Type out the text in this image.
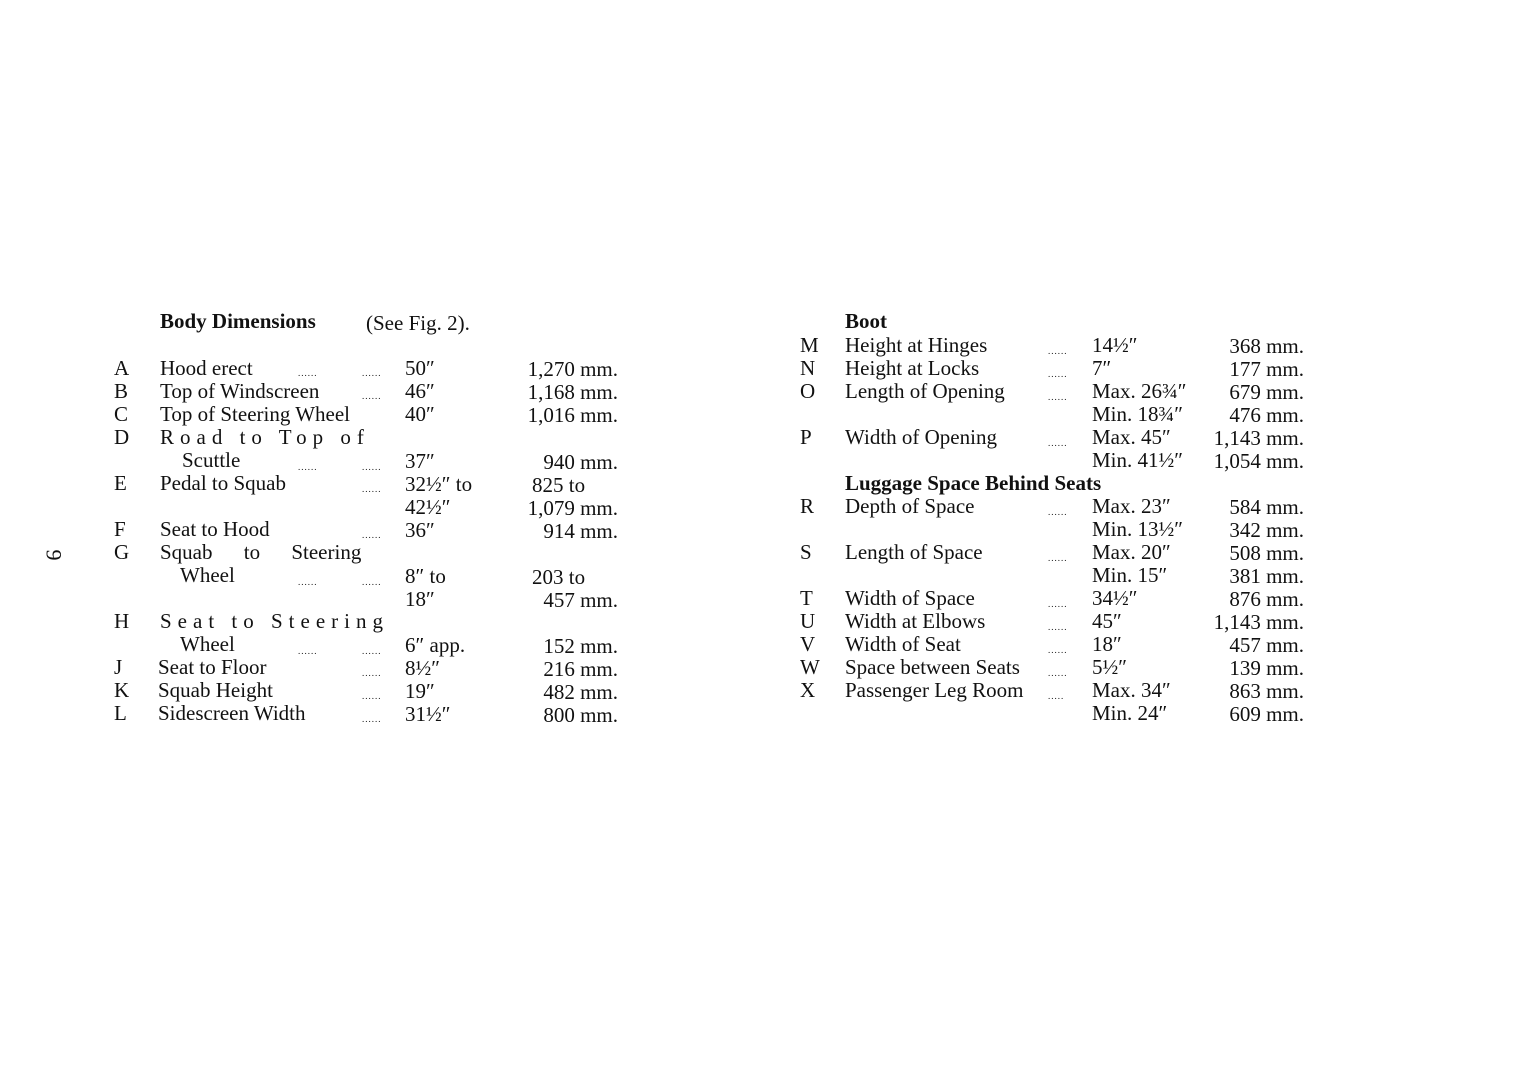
9
Body Dimensions (See Fig. 2).
A Hood erect	......	...... 50″	1,270 mm.
B Top of Windscreen	...... 46″	1,168 mm.
C Top of Steering Wheel	40″	1,016 mm.
D Road to Top of
Scuttle	......	...... 37″	940 mm.
E Pedal to Squab	...... 32½″ to	825 to
42½″	1,079 mm.
F Seat to Hood	...... 36″	914 mm.
G Squab to Steering
Wheel	......	...... 8″ to	203 to
18″	457 mm.
H Seat to Steering
Wheel	......	...... 6″ app.	152 mm.
J Seat to Floor	...... 8½″	216 mm.
K Squab Height	...... 19″	482 mm.
L Sidescreen Width	...... 31½″	800 mm.
Boot
M Height at Hinges	...... 14½″	368 mm.
N Height at Locks	...... 7″	177 mm.
O Length of Opening	...... Max. 26¾″	679 mm.
Min. 18¾″	476 mm.
P Width of Opening	...... Max. 45″	1,143 mm.
Min. 41½″	1,054 mm.
Luggage Space Behind Seats
R Depth of Space	...... Max. 23″	584 mm.
Min. 13½″	342 mm.
S Length of Space	...... Max. 20″	508 mm.
Min. 15″	381 mm.
T Width of Space	...... 34½″	876 mm.
U Width at Elbows	...... 45″	1,143 mm.
V Width of Seat	...... 18″	457 mm.
W Space between Seats	...... 5½″	139 mm.
X Passenger Leg Room	..... Max. 34″	863 mm.
Min. 24″	609 mm.
